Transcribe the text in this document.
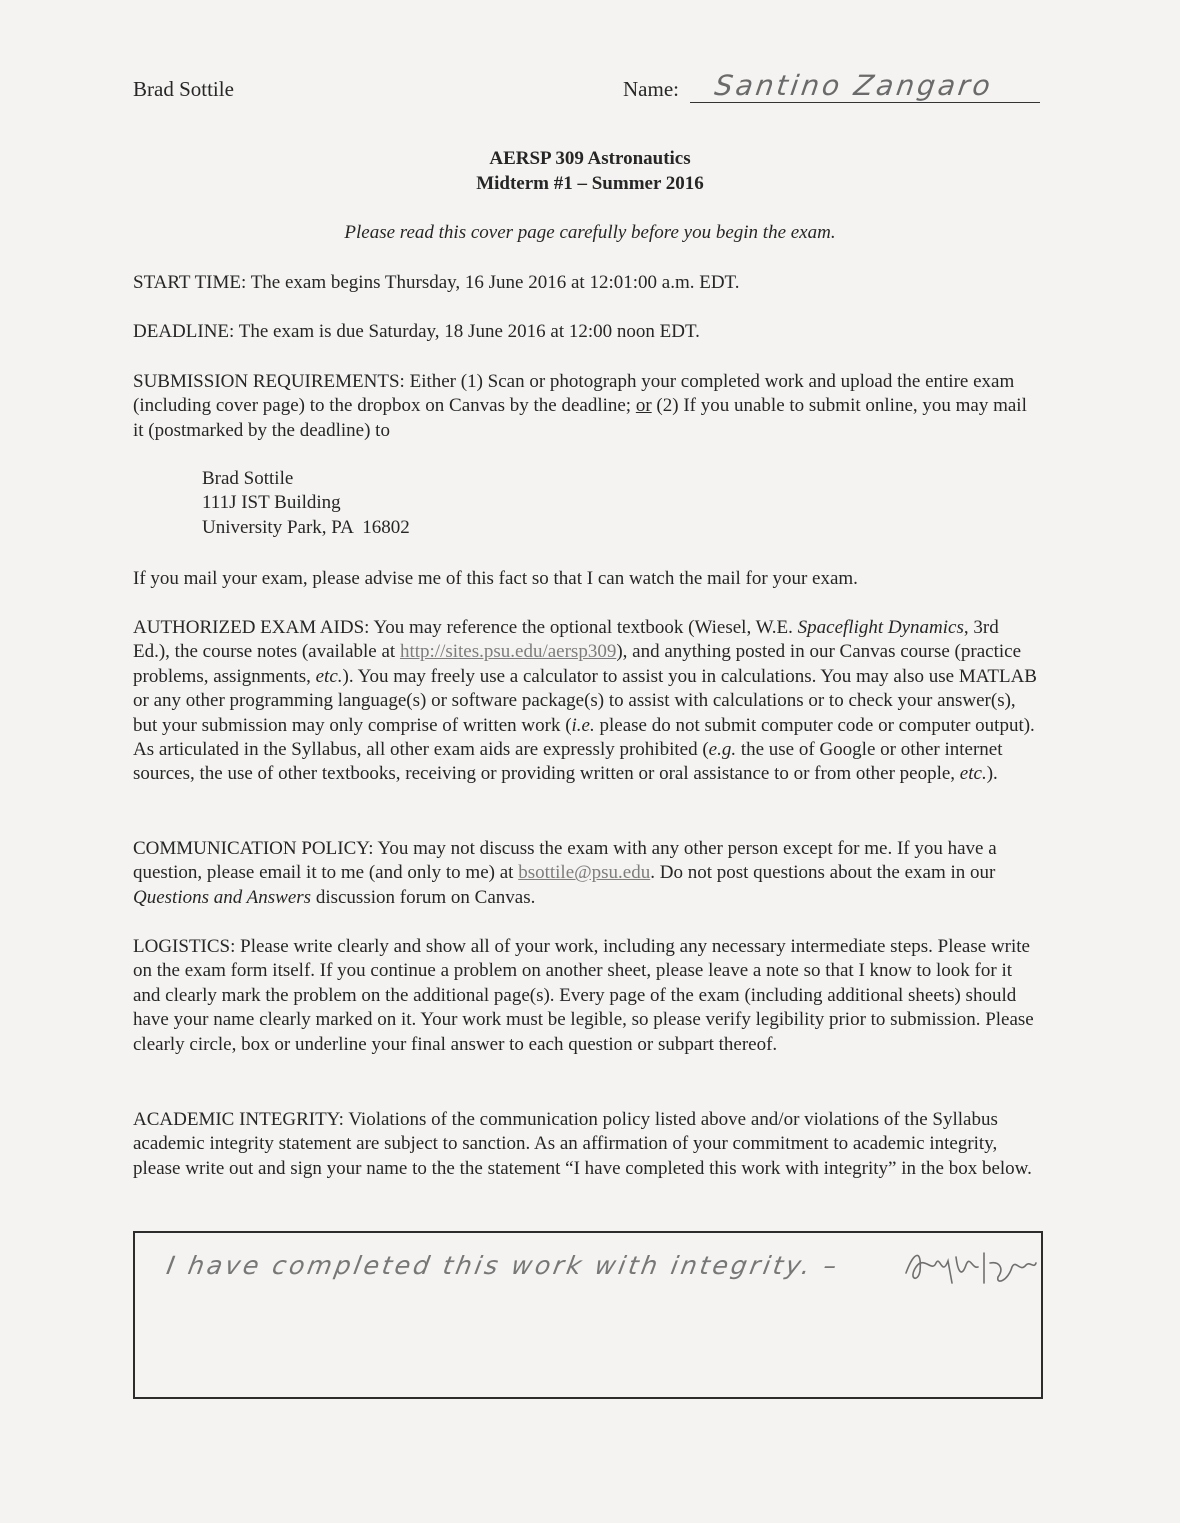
Brad Sottile	Name: Santino Zangaro
AERSP 309 Astronautics
Midterm #1 – Summer 2016
Please read this cover page carefully before you begin the exam.

START TIME: The exam begins Thursday, 16 June 2016 at 12:01:00 a.m. EDT.

DEADLINE: The exam is due Saturday, 18 June 2016 at 12:00 noon EDT.

SUBMISSION REQUIREMENTS: Either (1) Scan or photograph your completed work and upload the entire exam (including cover page) to the dropbox on Canvas by the deadline; or (2) If you unable to submit online, you may mail it (postmarked by the deadline) to

Brad Sottile
111J IST Building
University Park, PA  16802

If you mail your exam, please advise me of this fact so that I can watch the mail for your exam.

AUTHORIZED EXAM AIDS: You may reference the optional textbook (Wiesel, W.E. Spaceflight Dynamics, 3rd Ed.), the course notes (available at http://sites.psu.edu/aersp309), and anything posted in our Canvas course (practice problems, assignments, etc.). You may freely use a calculator to assist you in calculations. You may also use MATLAB or any other programming language(s) or software package(s) to assist with calculations or to check your answer(s), but your submission may only comprise of written work (i.e. please do not submit computer code or computer output). As articulated in the Syllabus, all other exam aids are expressly prohibited (e.g. the use of Google or other internet sources, the use of other textbooks, receiving or providing written or oral assistance to or from other people, etc.).

COMMUNICATION POLICY: You may not discuss the exam with any other person except for me. If you have a question, please email it to me (and only to me) at bsottile@psu.edu. Do not post questions about the exam in our Questions and Answers discussion forum on Canvas.

LOGISTICS: Please write clearly and show all of your work, including any necessary intermediate steps. Please write on the exam form itself. If you continue a problem on another sheet, please leave a note so that I know to look for it and clearly mark the problem on the additional page(s). Every page of the exam (including additional sheets) should have your name clearly marked on it. Your work must be legible, so please verify legibility prior to submission. Please clearly circle, box or underline your final answer to each question or subpart thereof.

ACADEMIC INTEGRITY: Violations of the communication policy listed above and/or violations of the Syllabus academic integrity statement are subject to sanction. As an affirmation of your commitment to academic integrity, please write out and sign your name to the the statement “I have completed this work with integrity” in the box below.

I have completed this work with integrity. –
